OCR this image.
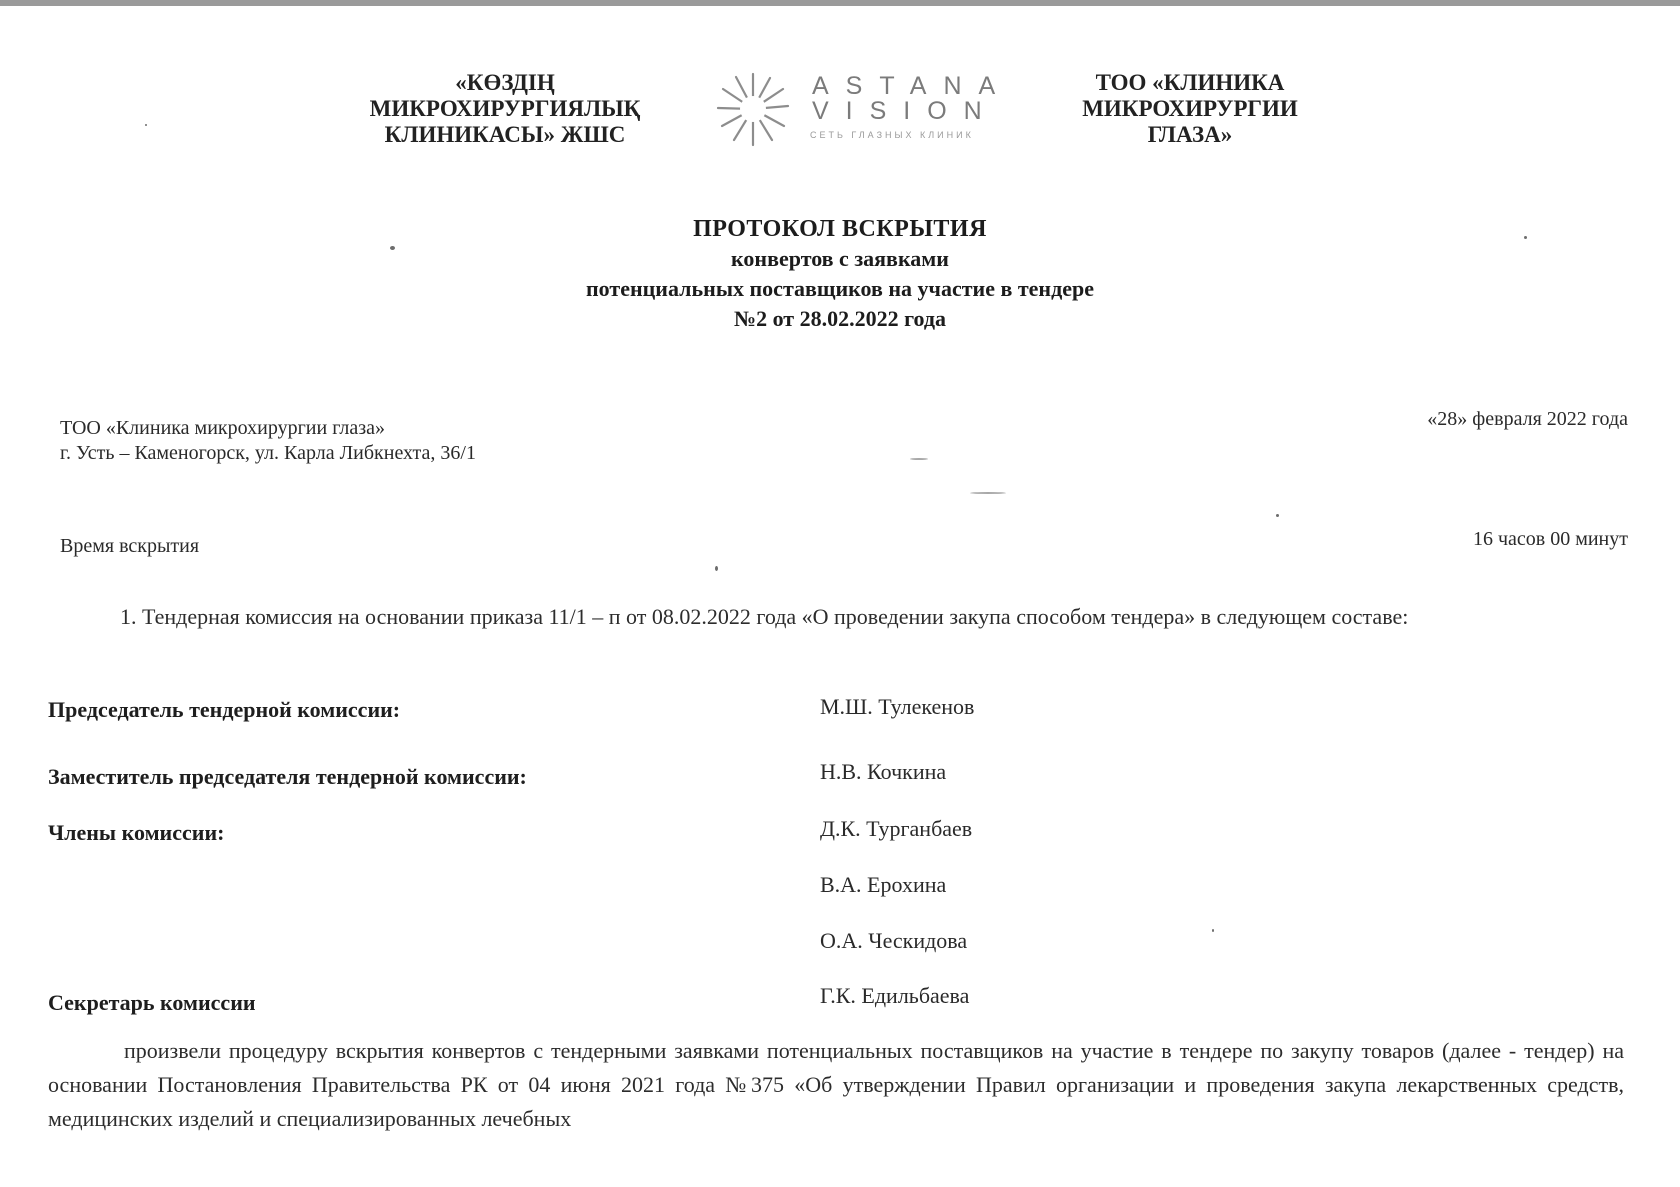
«КӨЗДІҢ
МИКРОХИРУРГИЯЛЫҚ
КЛИНИКАСЫ» ЖШС
ASTANA
VISION
СЕТЬ ГЛАЗНЫХ КЛИНИК
ТОО «КЛИНИКА
МИКРОХИРУРГИИ
ГЛАЗА»
ПРОТОКОЛ ВСКРЫТИЯ
конвертов с заявками
потенциальных поставщиков на участие в тендере
№2 от 28.02.2022 года
ТОО «Клиника микрохирургии глаза»
г. Усть – Каменогорск, ул. Карла Либкнехта, 36/1
«28» февраля 2022 года
Время вскрытия	16 часов 00 минут
1. Тендерная комиссия на основании приказа 11/1 – п от 08.02.2022 года «О проведении закупа способом тендера» в следующем составе:
Председатель тендерной комиссии:	М.Ш. Тулекенов
Заместитель председателя тендерной комиссии:	Н.В. Кочкина
Члены комиссии:	Д.К. Турганбаев
В.А. Ерохина
О.А. Ческидова
Секретарь комиссии	Г.К. Едильбаева
произвели процедуру вскрытия конвертов с тендерными заявками потенциальных поставщиков на участие в тендере по закупу товаров (далее - тендер) на основании Постановления Правительства РК от 04 июня 2021 года №375 «Об утверждении Правил организации и проведения закупа лекарственных средств, медицинских изделий и специализированных лечебных
